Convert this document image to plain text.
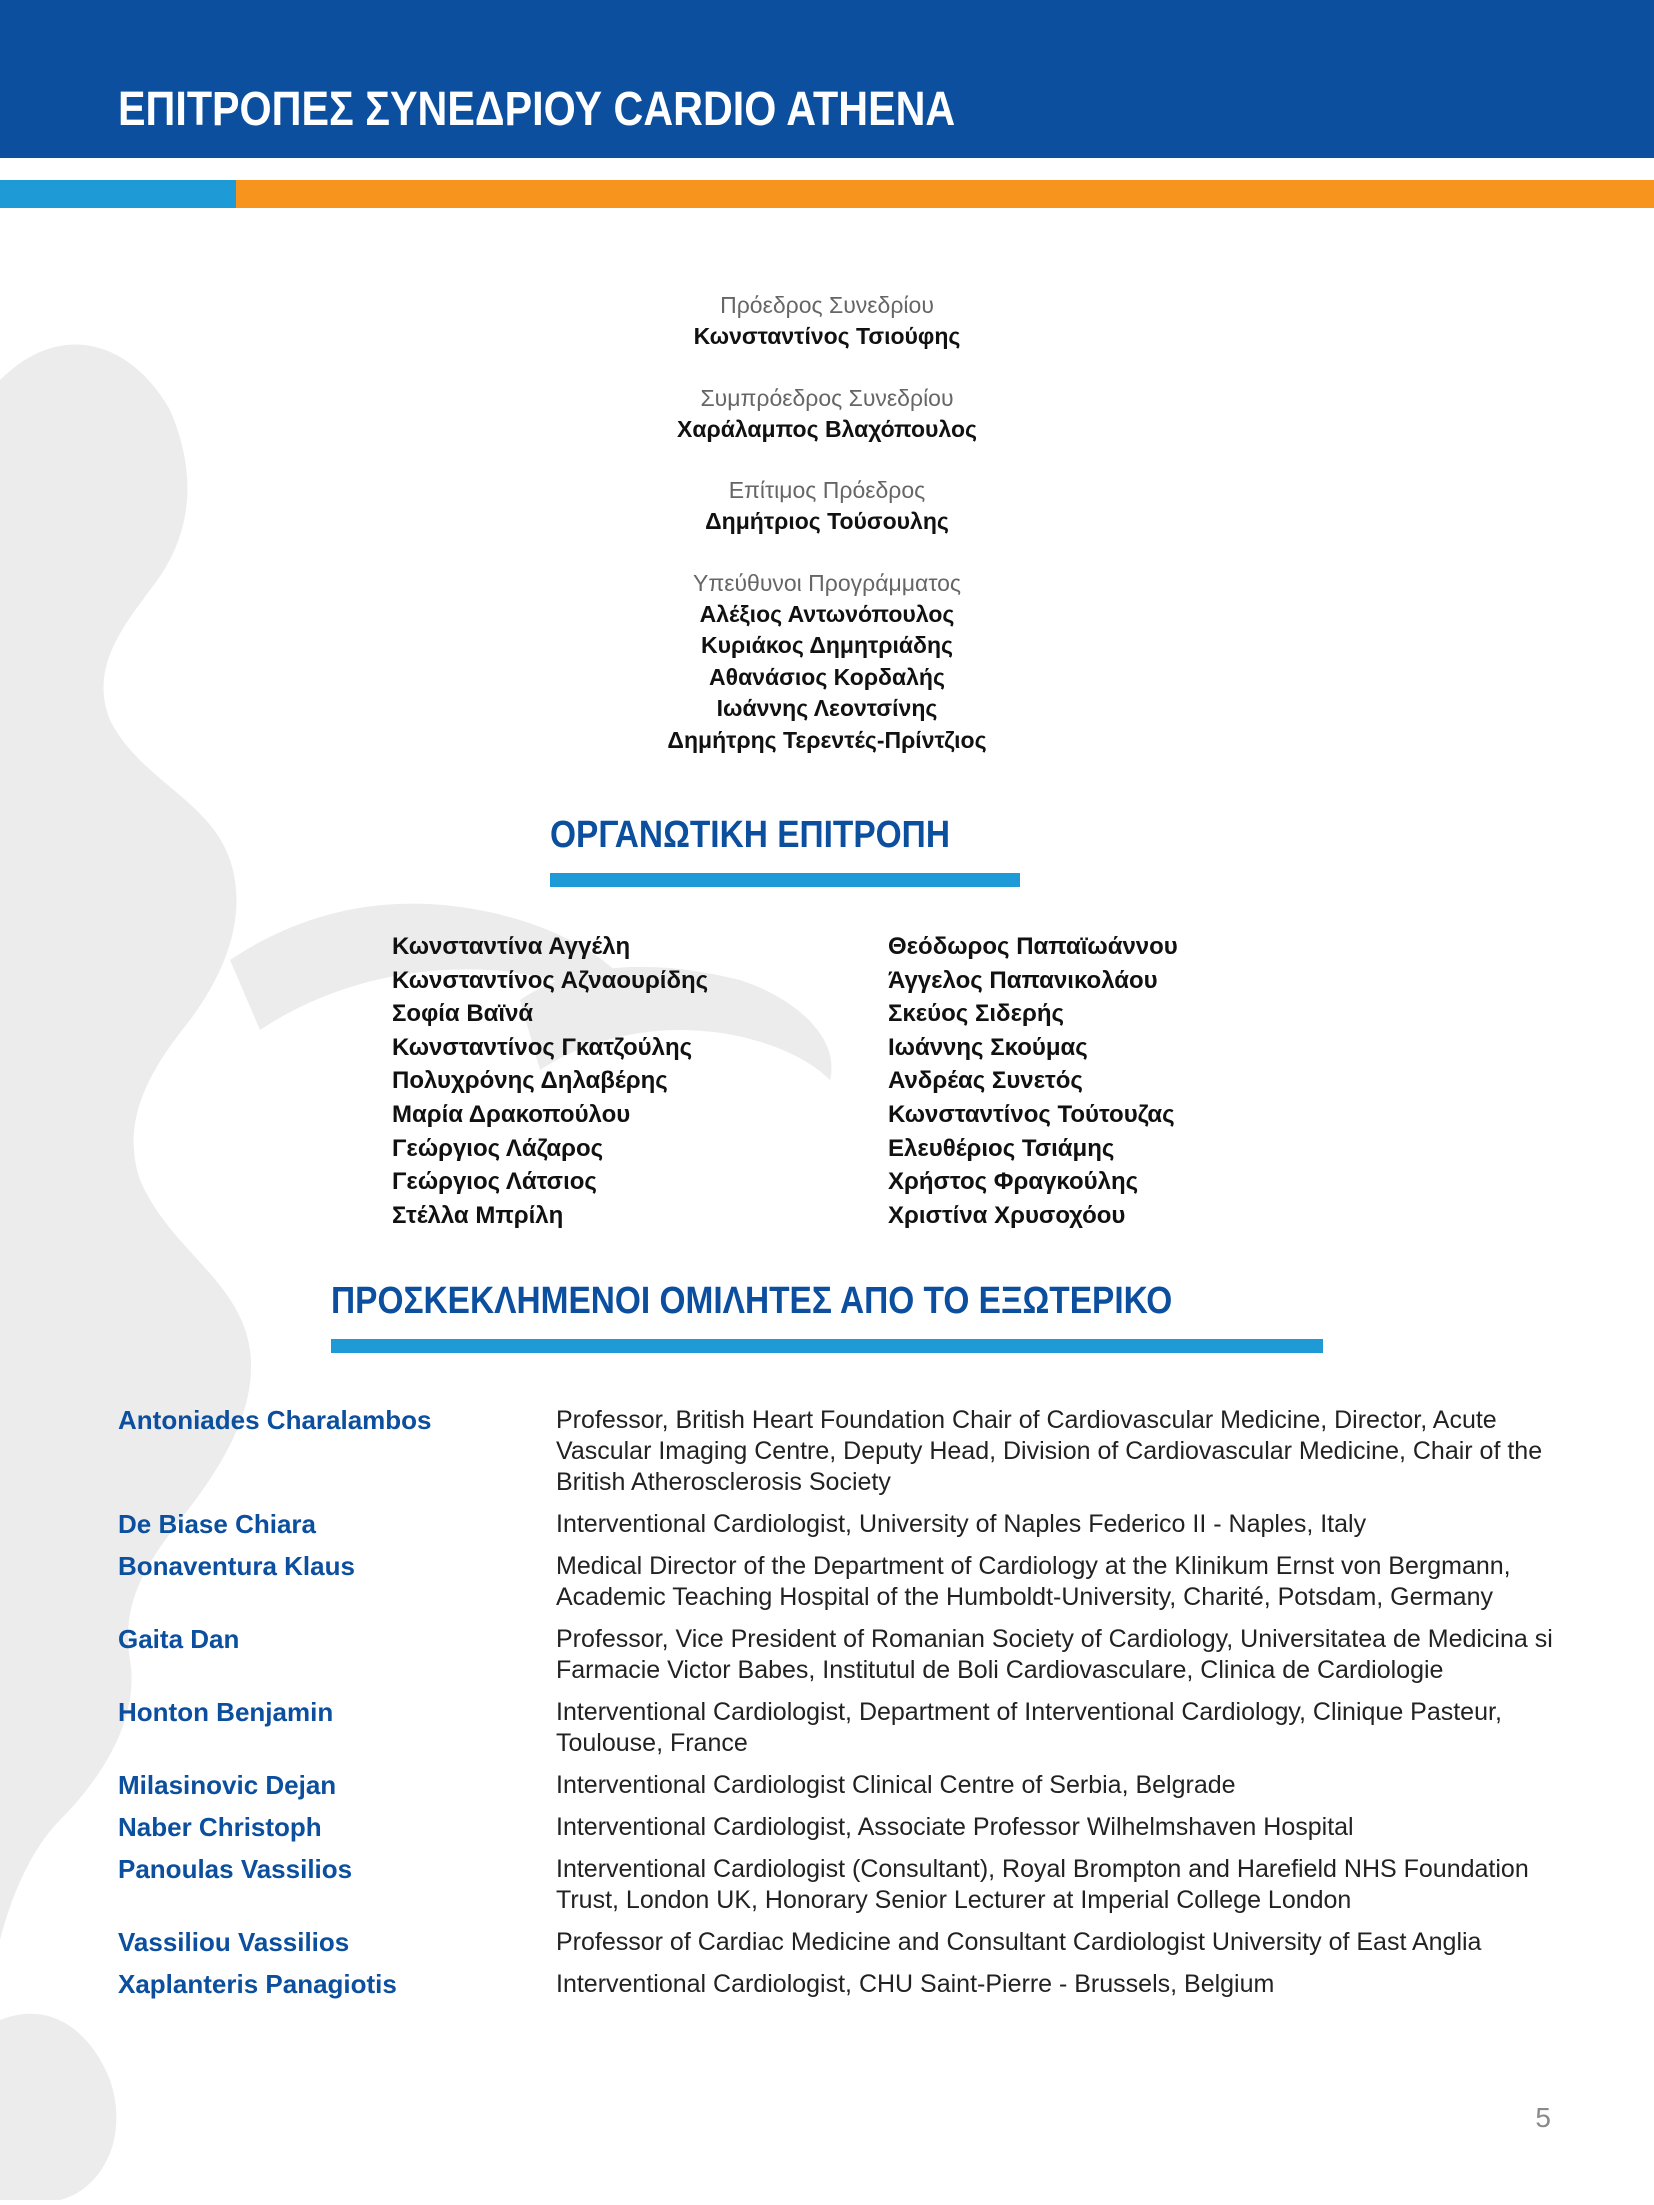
ΕΠΙΤΡΟΠΕΣ ΣΥΝΕΔΡΙΟΥ CARDIO ATHENA
Πρόεδρος Συνεδρίου
Κωνσταντίνος Τσιούφης
Συμπρόεδρος Συνεδρίου
Χαράλαμπος Βλαχόπουλος
Επίτιμος Πρόεδρος
Δημήτριος Τούσουλης
Υπεύθυνοι Προγράμματος
Αλέξιος Αντωνόπουλος
Κυριάκος Δημητριάδης
Αθανάσιος Κορδαλής
Ιωάννης Λεοντσίνης
Δημήτρης Τερεντές-Πρίντζιος
ΟΡΓΑΝΩΤΙΚΗ ΕΠΙΤΡΟΠΗ
Κωνσταντίνα Αγγέλη
Κωνσταντίνος Αζναουρίδης
Σοφία Βαϊνά
Κωνσταντίνος Γκατζούλης
Πολυχρόνης Δηλαβέρης
Μαρία Δρακοπούλου
Γεώργιος Λάζαρος
Γεώργιος Λάτσιος
Στέλλα Μπρίλη
Θεόδωρος Παπαϊωάννου
Άγγελος Παπανικολάου
Σκεύος Σιδερής
Ιωάννης Σκούμας
Ανδρέας Συνετός
Κωνσταντίνος Τούτουζας
Ελευθέριος Τσιάμης
Χρήστος Φραγκούλης
Χριστίνα Χρυσοχόου
ΠΡΟΣΚΕΚΛΗΜΕΝΟΙ ΟΜΙΛΗΤΕΣ ΑΠΟ ΤΟ ΕΞΩΤΕΡΙΚΟ
Antoniades Charalambos	Professor, British Heart Foundation Chair of Cardiovascular Medicine, Director, Acute Vascular Imaging Centre, Deputy Head, Division of Cardiovascular Medicine, Chair of the British Atherosclerosis Society
De Biase Chiara	Interventional Cardiologist, University of Naples Federico II - Naples, Italy
Bonaventura Klaus	Medical Director of the Department of Cardiology at the Klinikum Ernst von Bergmann, Academic Teaching Hospital of the Humboldt-University, Charité, Potsdam, Germany
Gaita Dan	Professor, Vice President of Romanian Society of Cardiology, Universitatea de Medicina si Farmacie Victor Babes, Institutul de Boli Cardiovasculare, Clinica de Cardiologie
Honton Benjamin	Interventional Cardiologist, Department of Interventional Cardiology, Clinique Pasteur, Toulouse, France
Milasinovic Dejan	Interventional Cardiologist Clinical Centre of Serbia, Belgrade
Naber Christoph	Interventional Cardiologist, Associate Professor Wilhelmshaven Hospital
Panoulas Vassilios	Interventional Cardiologist (Consultant), Royal Brompton and Harefield NHS Foundation Trust, London UK, Honorary Senior Lecturer at Imperial College London
Vassiliou Vassilios	Professor of Cardiac Medicine and Consultant Cardiologist University of East Anglia
Xaplanteris Panagiotis	Interventional Cardiologist, CHU Saint-Pierre - Brussels, Belgium
5
